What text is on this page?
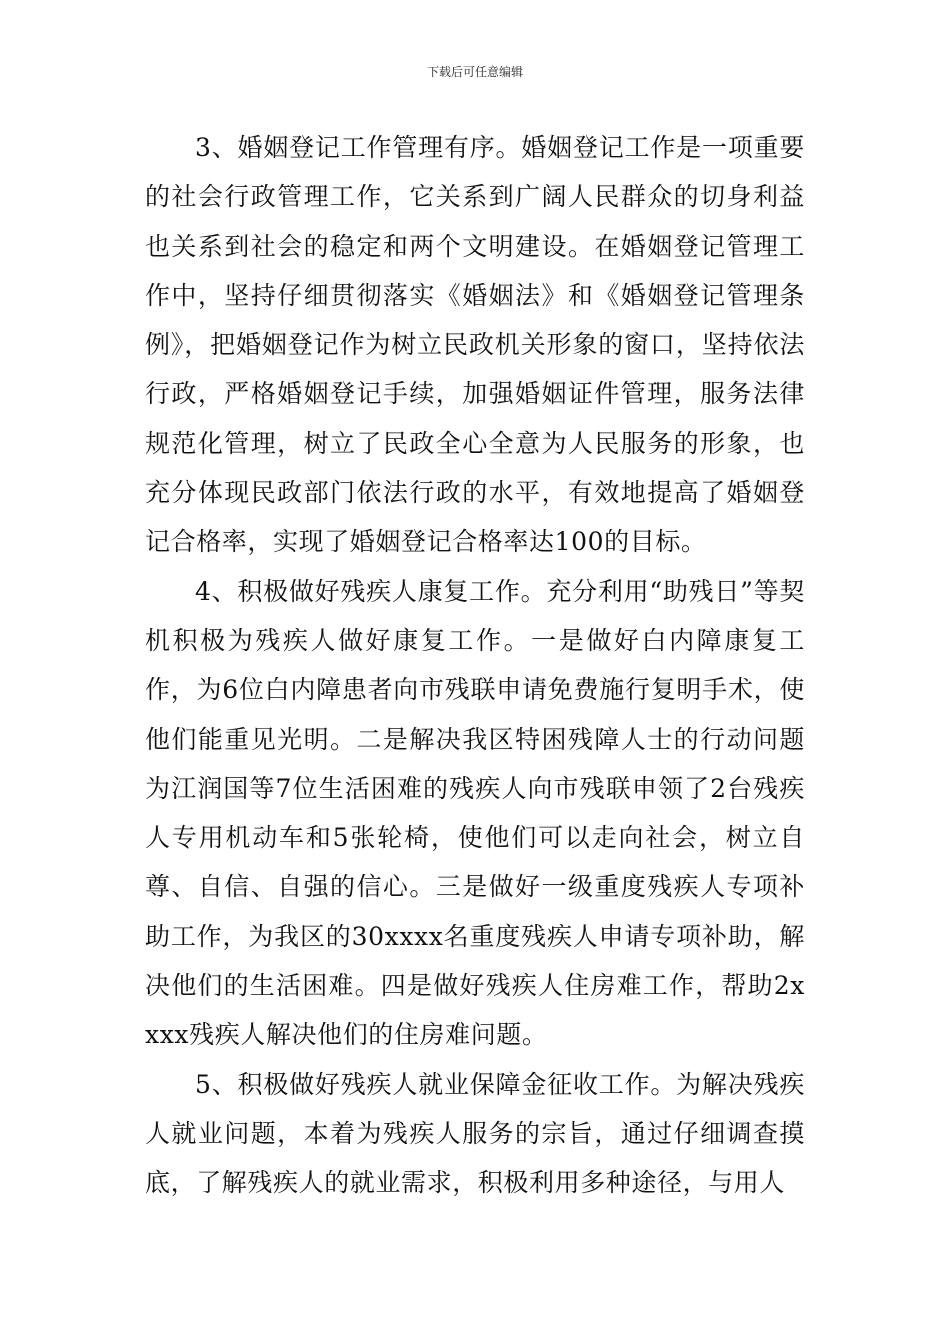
下载后可任意编辑

3、婚姻登记工作管理有序。婚姻登记工作是一项重要的社会行政管理工作，它关系到广阔人民群众的切身利益也关系到社会的稳定和两个文明建设。在婚姻登记管理工作中，坚持仔细贯彻落实《婚姻法》和《婚姻登记管理条例》，把婚姻登记作为树立民政机关形象的窗口，坚持依法行政，严格婚姻登记手续，加强婚姻证件管理，服务法律规范化管理，树立了民政全心全意为人民服务的形象，也充分体现民政部门依法行政的水平，有效地提高了婚姻登记合格率，实现了婚姻登记合格率达100的目标。

4、积极做好残疾人康复工作。充分利用“助残日”等契机积极为残疾人做好康复工作。一是做好白内障康复工作，为6位白内障患者向市残联申请免费施行复明手术，使他们能重见光明。二是解决我区特困残障人士的行动问题为江润国等7位生活困难的残疾人向市残联申领了2台残疾人专用机动车和5张轮椅，使他们可以走向社会，树立自尊、自信、自强的信心。三是做好一级重度残疾人专项补助工作，为我区的30xxxx名重度残疾人申请专项补助，解决他们的生活困难。四是做好残疾人住房难工作，帮助2xxxx残疾人解决他们的住房难问题。

5、积极做好残疾人就业保障金征收工作。为解决残疾人就业问题，本着为残疾人服务的宗旨，通过仔细调查摸底，了解残疾人的就业需求，积极利用多种途径，与用人
